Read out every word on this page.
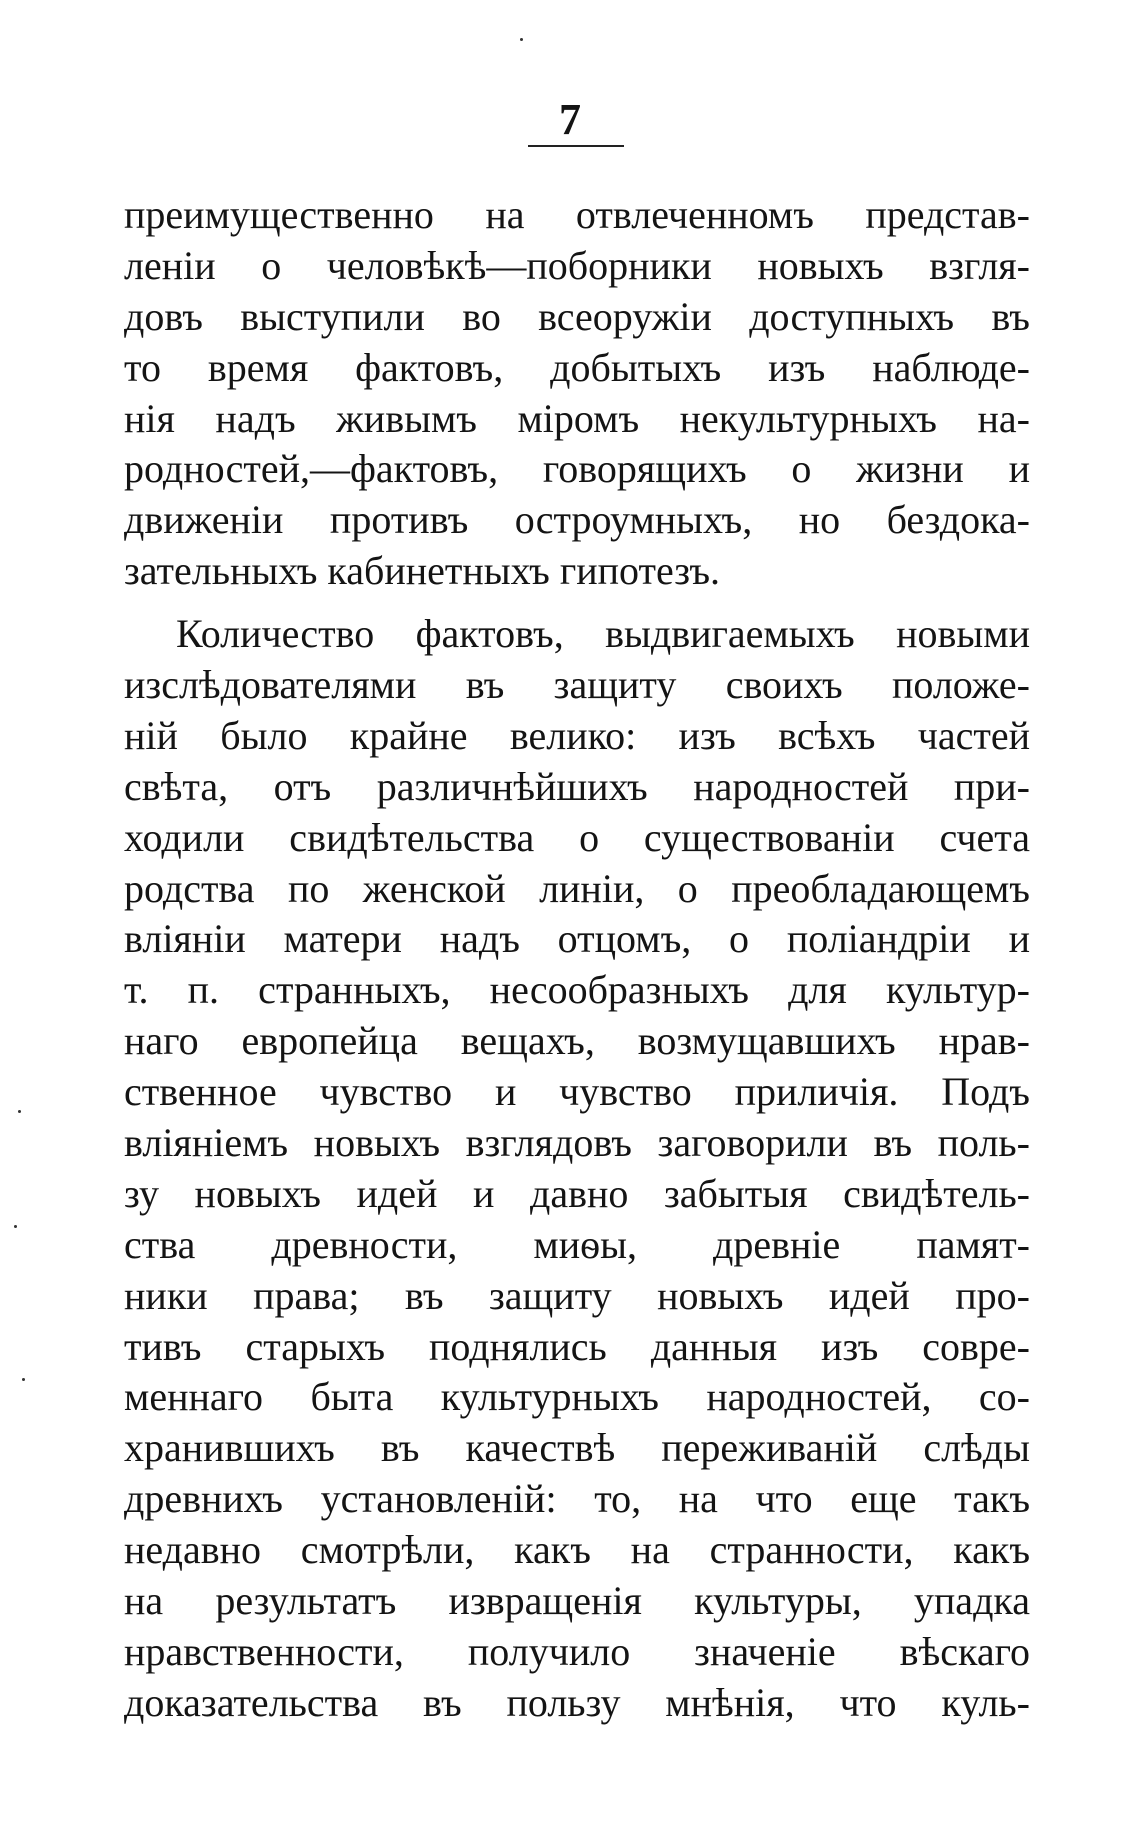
7
преимущественно на отвлеченномъ представ-
леніи о человѣкѣ—поборники новыхъ взгля-
довъ выступили во всеоружіи доступныхъ въ
то время фактовъ, добытыхъ изъ наблюде-
нія надъ живымъ міромъ некультурныхъ на-
родностей,—фактовъ, говорящихъ о жизни и
движеніи противъ остроумныхъ, но бездока-
зательныхъ кабинетныхъ гипотезъ.
Количество фактовъ, выдвигаемыхъ новыми
изслѣдователями въ защиту своихъ положе-
ній было крайне велико: изъ всѣхъ частей
свѣта, отъ различнѣйшихъ народностей при-
ходили свидѣтельства о существованіи счета
родства по женской линіи, о преобладающемъ
вліяніи матери надъ отцомъ, о поліандріи и
т. п. странныхъ, несообразныхъ для культур-
наго европейца вещахъ, возмущавшихъ нрав-
ственное чувство и чувство приличія. Подъ
вліяніемъ новыхъ взглядовъ заговорили въ поль-
зу новыхъ идей и давно забытыя свидѣтель-
ства древности, миѳы, древніе памят-
ники права; въ защиту новыхъ идей про-
тивъ старыхъ поднялись данныя изъ совре-
меннаго быта культурныхъ народностей, со-
хранившихъ въ качествѣ переживаній слѣды
древнихъ установленій: то, на что еще такъ
недавно смотрѣли, какъ на странности, какъ
на результатъ извращенія культуры, упадка
нравственности, получило значеніе вѣскаго
доказательства въ пользу мнѣнія, что куль-
